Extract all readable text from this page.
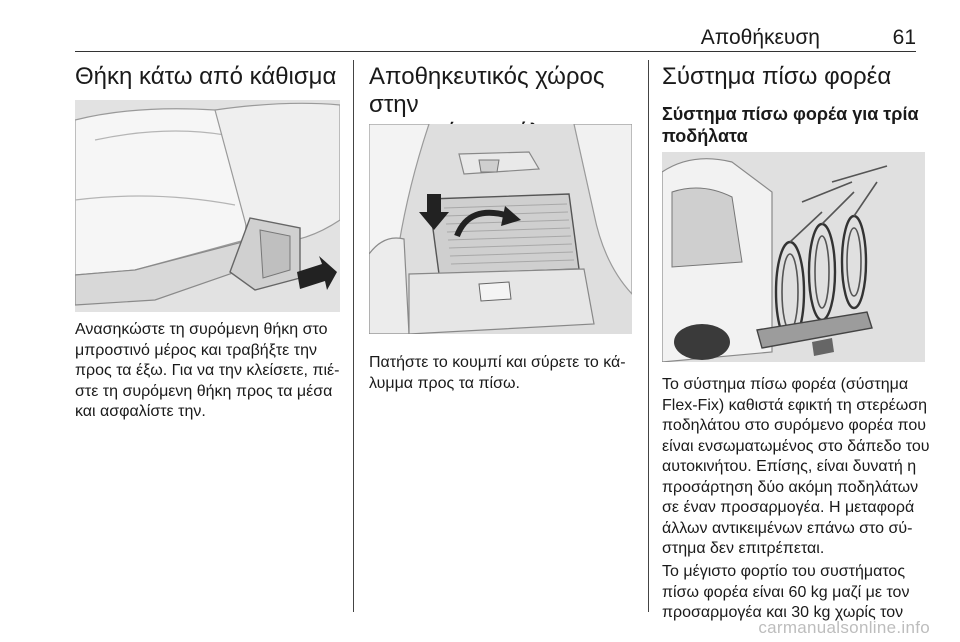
Αποθήκευση	61
Θήκη κάτω από κάθισμα

Ανασηκώστε τη συρόμενη θήκη στο

μπροστινό μέρος και τραβήξτε την

προς τα έξω. Για να την κλείσετε, πιέ-

στε τη συρόμενη θήκη προς τα μέσα

και ασφαλίστε την.

Αποθηκευτικός χώρος στην

Πατήστε το κουμπί και σύρετε το κά-

λυμμα προς τα πίσω.

Σύστημα πίσω φορέα
Σύστημα πίσω φορέα για τρία
ποδήλατα

Το σύστημα πίσω φορέα (σύστημα

Flex-Fix) καθιστά εφικτή τη στερέωση

ποδηλάτου στο συρόμενο φορέα που

είναι ενσωματωμένος στο δάπεδο του

αυτοκινήτου. Επίσης, είναι δυνατή η

προσάρτηση δύο ακόμη ποδηλάτων

σε έναν προσαρμογέα. Η μεταφορά

άλλων αντικειμένων επάνω στο σύ-

στημα δεν επιτρέπεται.

Το μέγιστο φορτίο του συστήματος

πίσω φορέα είναι 60 kg μαζί με τον

προσαρμογέα και 30 kg χωρίς τον

carmanualsonline.info
